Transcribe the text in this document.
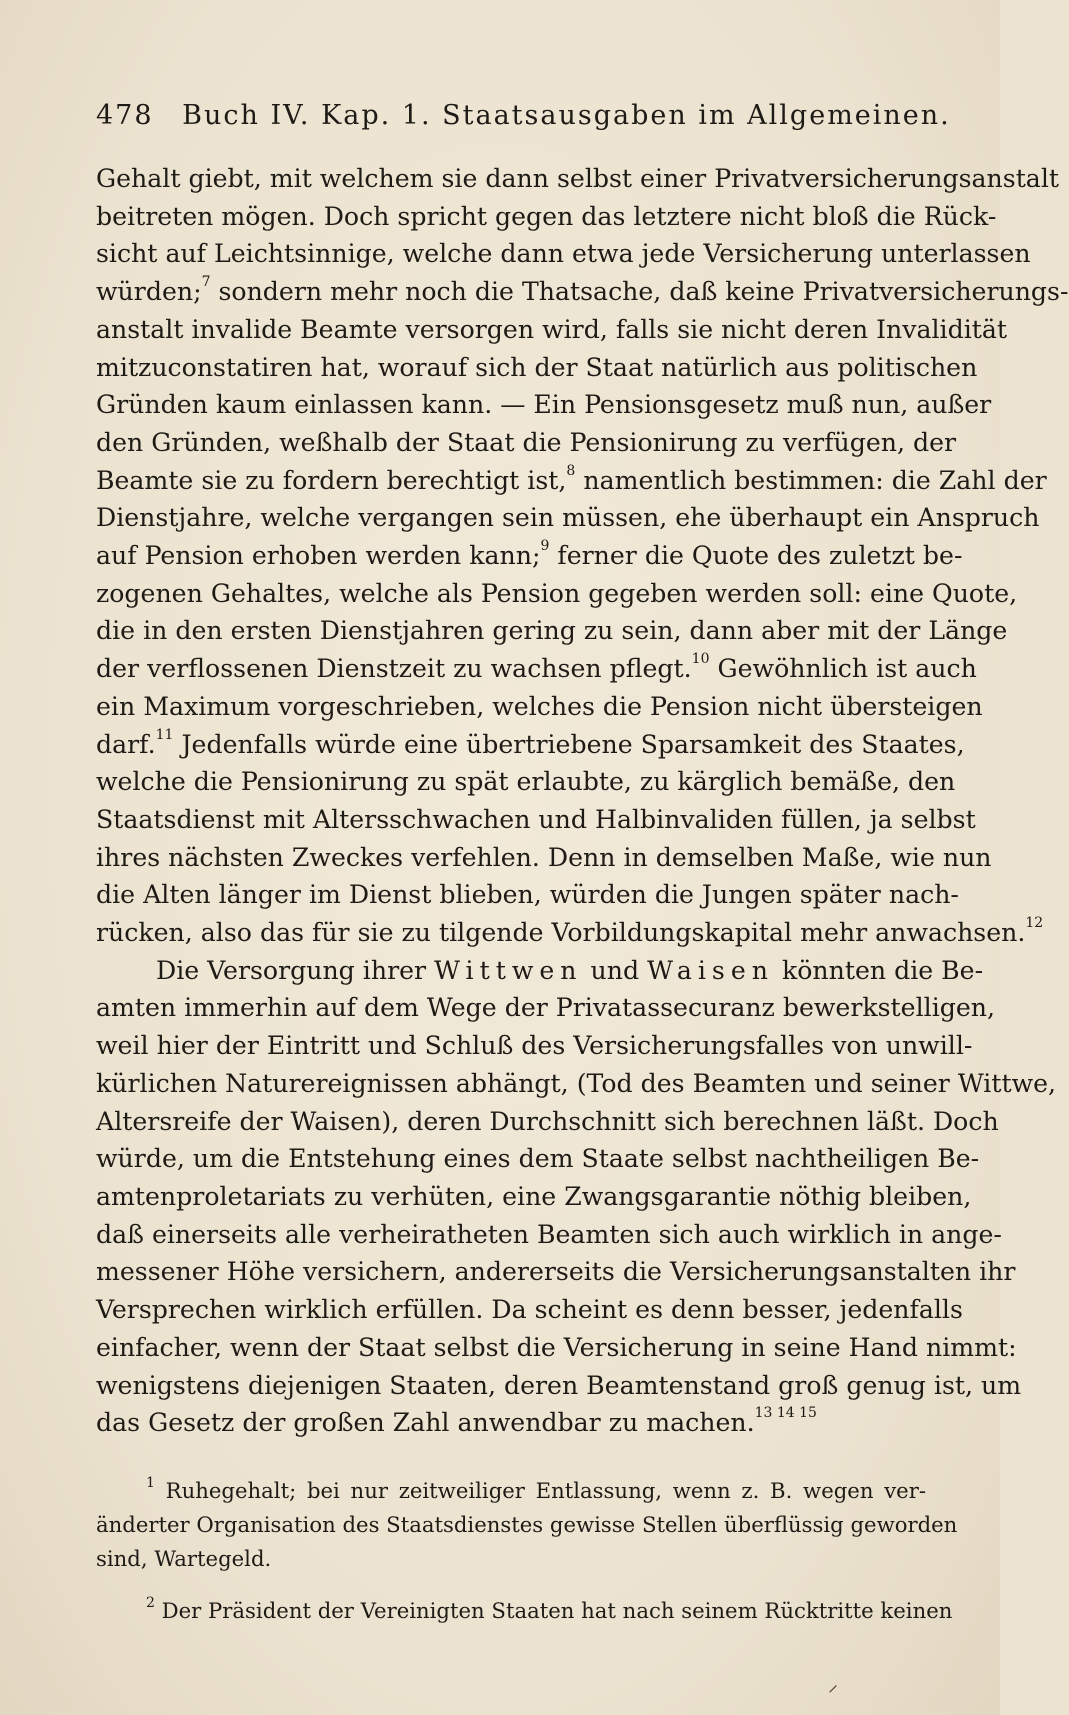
478 Buch IV. Kap. 1. Staatsausgaben im Allgemeinen.
Gehalt giebt, mit welchem sie dann selbst einer Privatversicherungsanstalt
beitreten mögen. Doch spricht gegen das letztere nicht bloß die Rück-
sicht auf Leichtsinnige, welche dann etwa jede Versicherung unterlassen
würden;$^7$ sondern mehr noch die Thatsache, daß keine Privatversicherungs-
anstalt invalide Beamte versorgen wird, falls sie nicht deren Invalidität
mitzuconstatiren hat, worauf sich der Staat natürlich aus politischen
Gründen kaum einlassen kann. — Ein Pensionsgesetz muß nun, außer
den Gründen, weßhalb der Staat die Pensionirung zu verfügen, der
Beamte sie zu fordern berechtigt ist,$^8$ namentlich bestimmen: die Zahl der
Dienstjahre, welche vergangen sein müssen, ehe überhaupt ein Anspruch
auf Pension erhoben werden kann;$^9$ ferner die Quote des zuletzt be-
zogenen Gehaltes, welche als Pension gegeben werden soll: eine Quote,
die in den ersten Dienstjahren gering zu sein, dann aber mit der Länge
der verflossenen Dienstzeit zu wachsen pflegt.$^{10}$ Gewöhnlich ist auch
ein Maximum vorgeschrieben, welches die Pension nicht übersteigen
darf.$^{11}$ Jedenfalls würde eine übertriebene Sparsamkeit des Staates,
welche die Pensionirung zu spät erlaubte, zu kärglich bemäße, den
Staatsdienst mit Altersschwachen und Halbinvaliden füllen, ja selbst
ihres nächsten Zweckes verfehlen. Denn in demselben Maße, wie nun
die Alten länger im Dienst blieben, würden die Jungen später nach-
rücken, also das für sie zu tilgende Vorbildungskapital mehr anwachsen.$^{12}$
Die Versorgung ihrer Wittwen und Waisen könnten die Be-
amten immerhin auf dem Wege der Privatassecuranz bewerkstelligen,
weil hier der Eintritt und Schluß des Versicherungsfalles von unwill-
kürlichen Naturereignissen abhängt, (Tod des Beamten und seiner Wittwe,
Altersreife der Waisen), deren Durchschnitt sich berechnen läßt. Doch
würde, um die Entstehung eines dem Staate selbst nachtheiligen Be-
amtenproletariats zu verhüten, eine Zwangsgarantie nöthig bleiben,
daß einerseits alle verheiratheten Beamten sich auch wirklich in ange-
messener Höhe versichern, andererseits die Versicherungsanstalten ihr
Versprechen wirklich erfüllen. Da scheint es denn besser, jedenfalls
einfacher, wenn der Staat selbst die Versicherung in seine Hand nimmt:
wenigstens diejenigen Staaten, deren Beamtenstand groß genug ist, um
das Gesetz der großen Zahl anwendbar zu machen.$^{13 14 15}$
$^1$ Ruhegehalt; bei nur zeitweiliger Entlassung, wenn z. B. wegen ver-
änderter Organisation des Staatsdienstes gewisse Stellen überflüssig geworden
sind, Wartegeld.
$^2$ Der Präsident der Vereinigten Staaten hat nach seinem Rücktritte keinen
⸝
